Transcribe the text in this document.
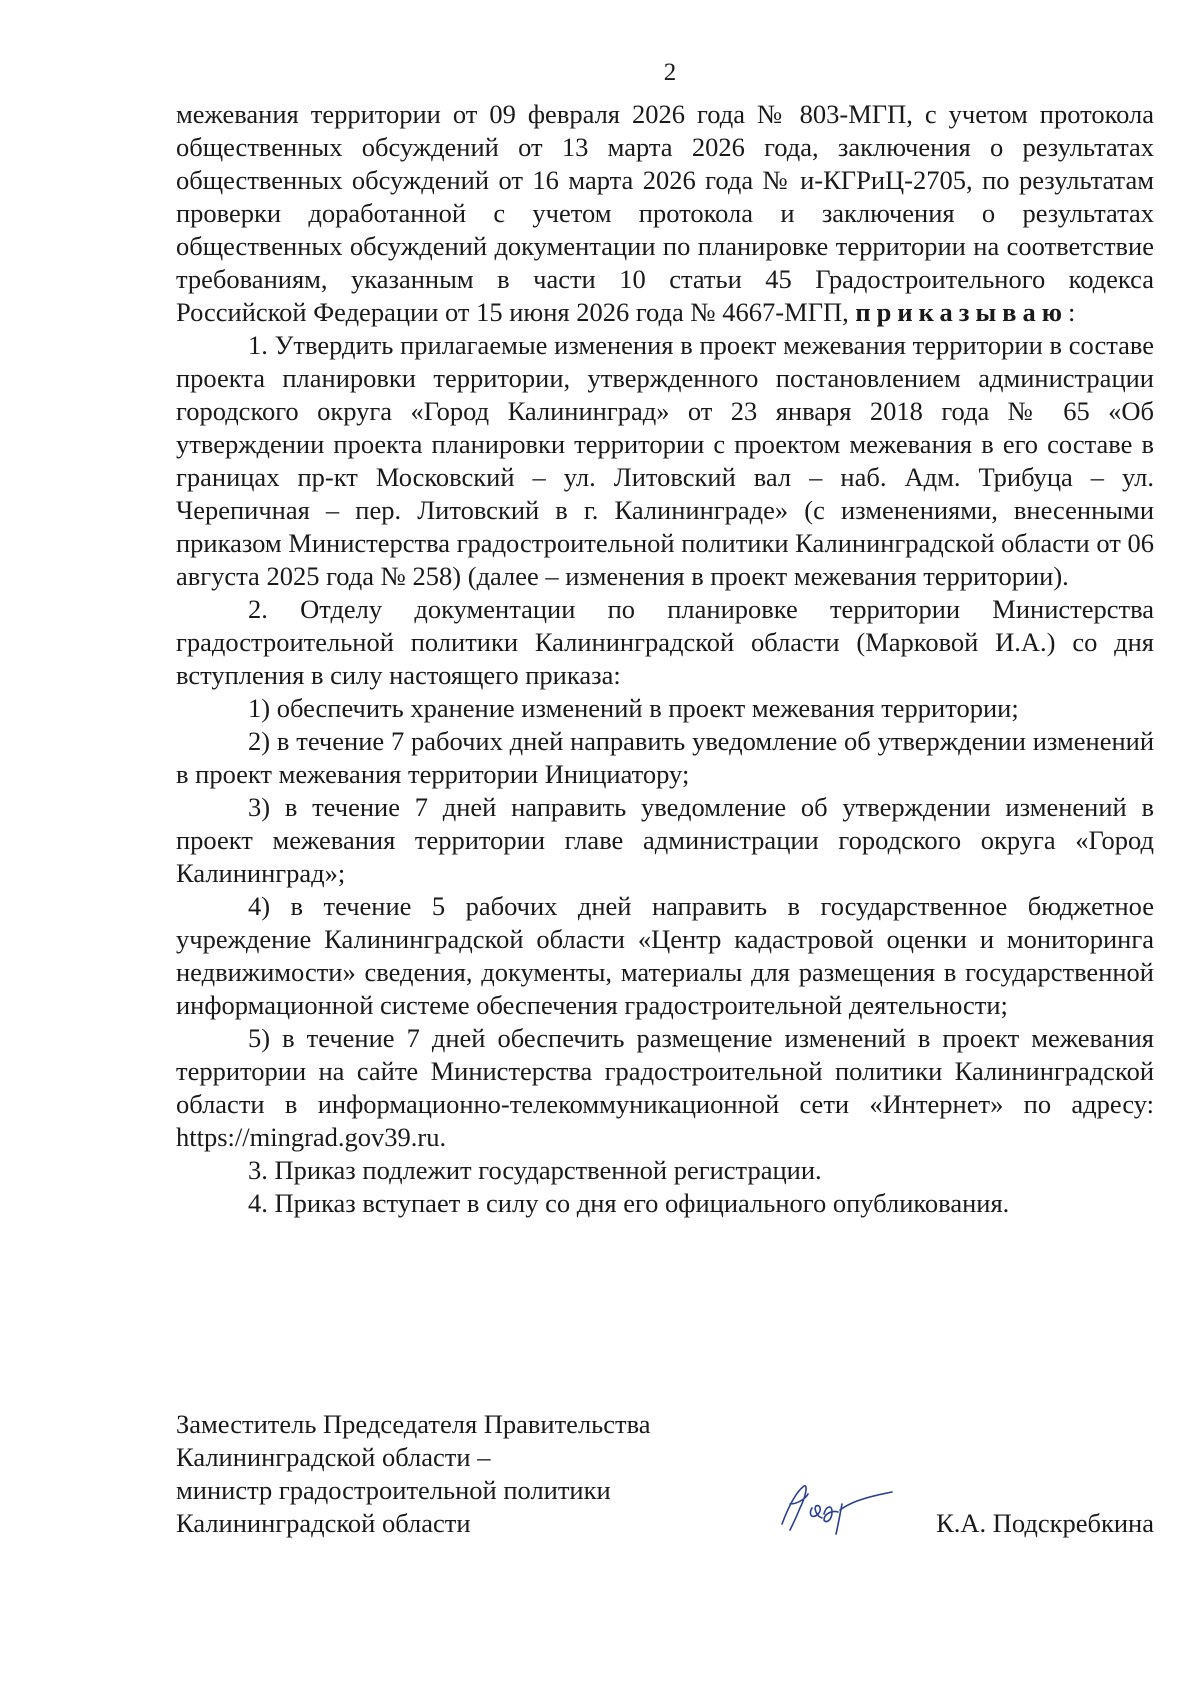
2

межевания территории от 09 февраля 2026 года № 803-МГП, с учетом протокола общественных обсуждений от 13 марта 2026 года, заключения о результатах общественных обсуждений от 16 марта 2026 года № и-КГРиЦ-2705, по результатам проверки доработанной с учетом протокола и заключения о результатах общественных обсуждений документации по планировке территории на соответствие требованиям, указанным в части 10 статьи 45 Градостроительного кодекса Российской Федерации от 15 июня 2026 года № 4667-МГП, приказываю:

1. Утвердить прилагаемые изменения в проект межевания территории в составе проекта планировки территории, утвержденного постановлением администрации городского округа «Город Калининград» от 23 января 2018 года № 65 «Об утверждении проекта планировки территории с проектом межевания в его составе в границах пр-кт Московский – ул. Литовский вал – наб. Адм. Трибуца – ул. Черепичная – пер. Литовский в г. Калининграде» (с изменениями, внесенными приказом Министерства градостроительной политики Калининградской области от 06 августа 2025 года № 258) (далее – изменения в проект межевания территории).

2. Отделу документации по планировке территории Министерства градостроительной политики Калининградской области (Марковой И.А.) со дня вступления в силу настоящего приказа:

1) обеспечить хранение изменений в проект межевания территории;

2) в течение 7 рабочих дней направить уведомление об утверждении изменений в проект межевания территории Инициатору;

3) в течение 7 дней направить уведомление об утверждении изменений в проект межевания территории главе администрации городского округа «Город Калининград»;

4) в течение 5 рабочих дней направить в государственное бюджетное учреждение Калининградской области «Центр кадастровой оценки и мониторинга недвижимости» сведения, документы, материалы для размещения в государственной информационной системе обеспечения градостроительной деятельности;

5) в течение 7 дней обеспечить размещение изменений в проект межевания территории на сайте Министерства градостроительной политики Калининградской области в информационно-телекоммуникационной сети «Интернет» по адресу: https://mingrad.gov39.ru.

3. Приказ подлежит государственной регистрации.

4. Приказ вступает в силу со дня его официального опубликования.

Заместитель Председателя Правительства
Калининградской области –
министр градостроительной политики
Калининградской области	К.А. Подскребкина
